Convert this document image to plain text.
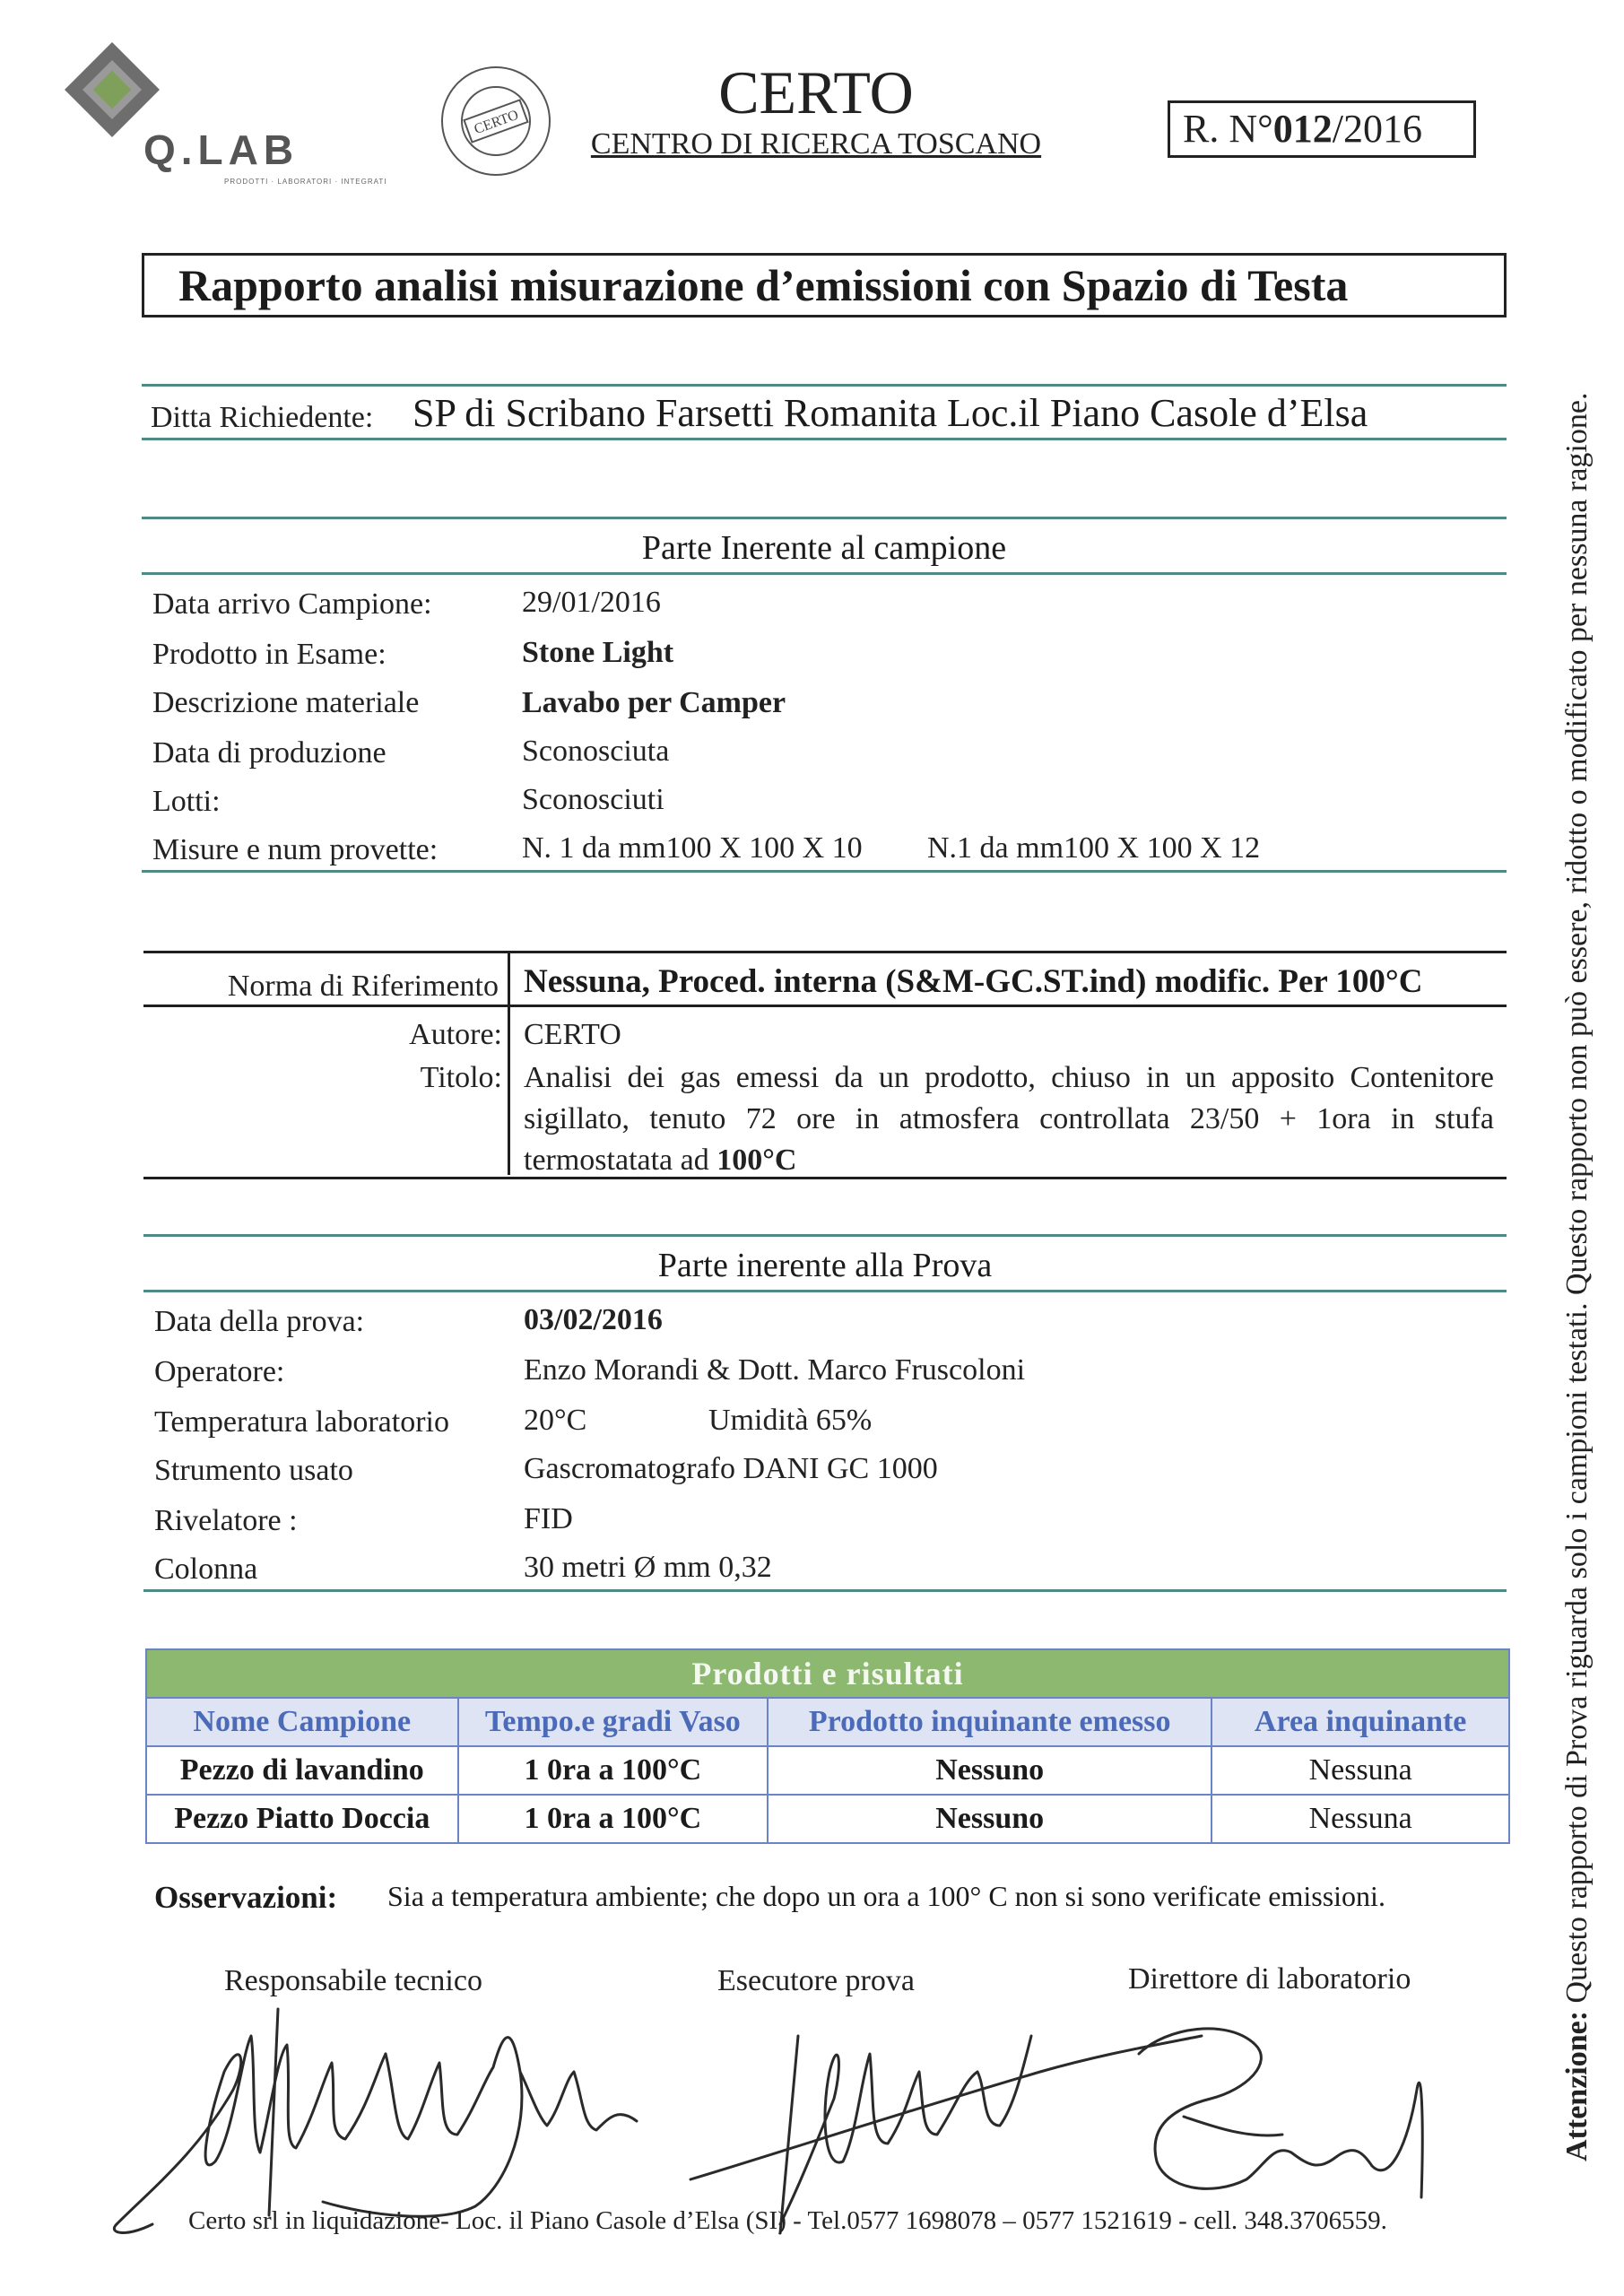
Q.LAB
PRODOTTI · LABORATORI · INTEGRATI
CERTO	CERTO
CENTRO DI RICERCA TOSCANO	R. N°012/2016
Rapporto analisi misurazione d’emissioni con Spazio di Testa
Ditta Richiedente: SP di Scribano Farsetti Romanita Loc.il Piano Casole d’Elsa
Parte Inerente al campione
Data arrivo Campione:	29/01/2016
Prodotto in Esame:	Stone Light
Descrizione materiale	Lavabo per Camper
Data di produzione	Sconosciuta
Lotti:	Sconosciuti
Misure e num provette:	N. 1 da mm100 X 100 X 10 N.1 da mm100 X 100 X 12
Norma di Riferimento Nessuna, Proced. interna (S&M-GC.ST.ind) modific. Per 100°C
Autore: CERTO
Titolo: Analisi dei gas emessi da un prodotto, chiuso in un apposito Contenitore
sigillato, tenuto 72 ore in atmosfera controllata 23/50 + 1ora in stufa
termostatata ad 100°C
Parte inerente alla Prova
Data della prova:	03/02/2016
Operatore:	Enzo Morandi & Dott. Marco Fruscoloni
Temperatura laboratorio 20°C	Umidità 65%
Strumento usato	Gascromatografo DANI GC 1000
Rivelatore :	FID
Colonna	30 metri Ø mm 0,32
Prodotti e risultati			
Nome Campione	Tempo.e gradi Vaso	Prodotto inquinante emesso	Area inquinante
Pezzo di lavandino	1 0ra a 100°C	Nessuno	Nessuna
Pezzo Piatto Doccia	1 0ra a 100°C	Nessuno	Nessuna
Osservazioni: Sia a temperatura ambiente; che dopo un ora a 100° C non si sono verificate emissioni.
Responsabile tecnico	Esecutore prova	Direttore di laboratorio
Certo srl in liquidazione- Loc. il Piano Casole d’Elsa (SI) - Tel.0577 1698078 – 0577 1521619 - cell. 348.3706559.
Attenzione: Questo rapporto di Prova riguarda solo i campioni testati. Questo rapporto non può essere, ridotto o modificato per nessuna ragione.
